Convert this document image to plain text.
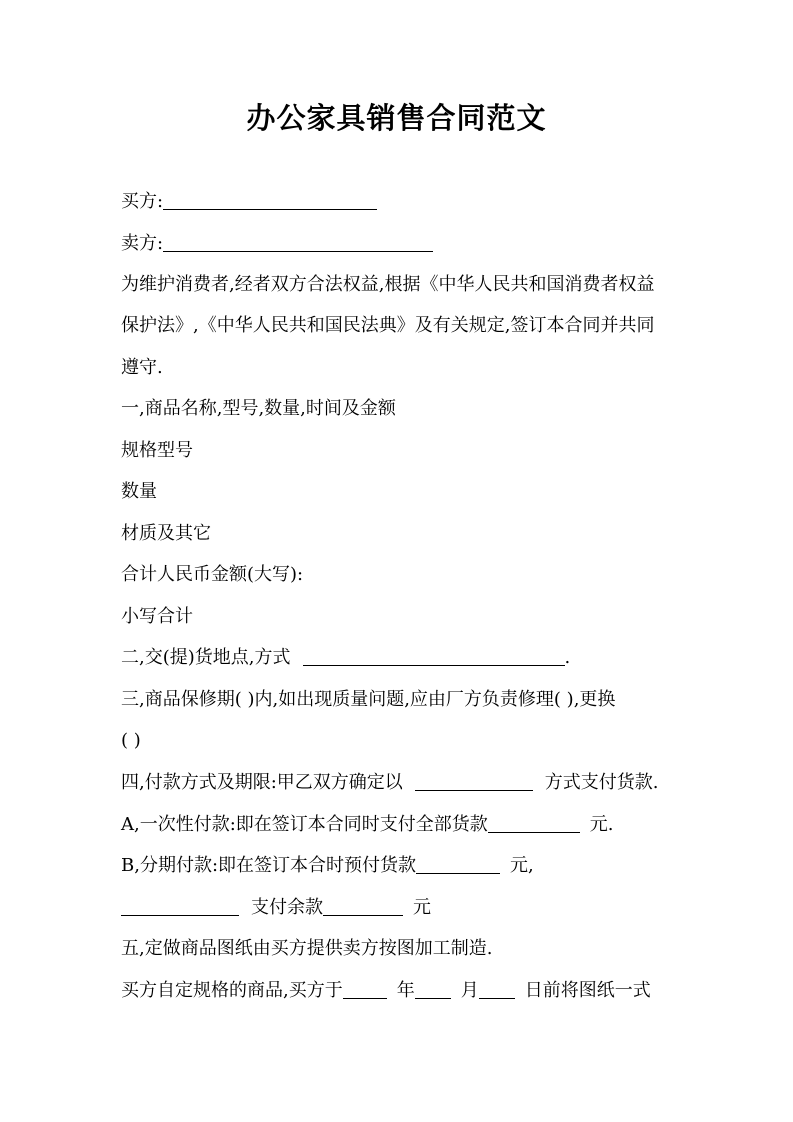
办公家具销售合同范文
买方:
卖方:
为维护消费者,经者双方合法权益,根据《中华人民共和国消费者权益
保护法》,《中华人民共和国民法典》及有关规定,签订本合同并共同
遵守.
一,商品名称,型号,数量,时间及金额
规格型号
数量
材质及其它
合计人民币金额(大写):
小写合计
二,交(提)货地点,方式	.
三,商品保修期( )内,如出现质量问题,应由厂方负责修理( ),更换
( )
四,付款方式及期限:甲乙双方确定以	方式支付货款.
A,一次性付款:即在签订本合同时支付全部货款	元.
B,分期付款:即在签订本合时预付货款	元,
支付余款	元
五,定做商品图纸由买方提供卖方按图加工制造.
买方自定规格的商品,买方于	年	月	日前将图纸一式
